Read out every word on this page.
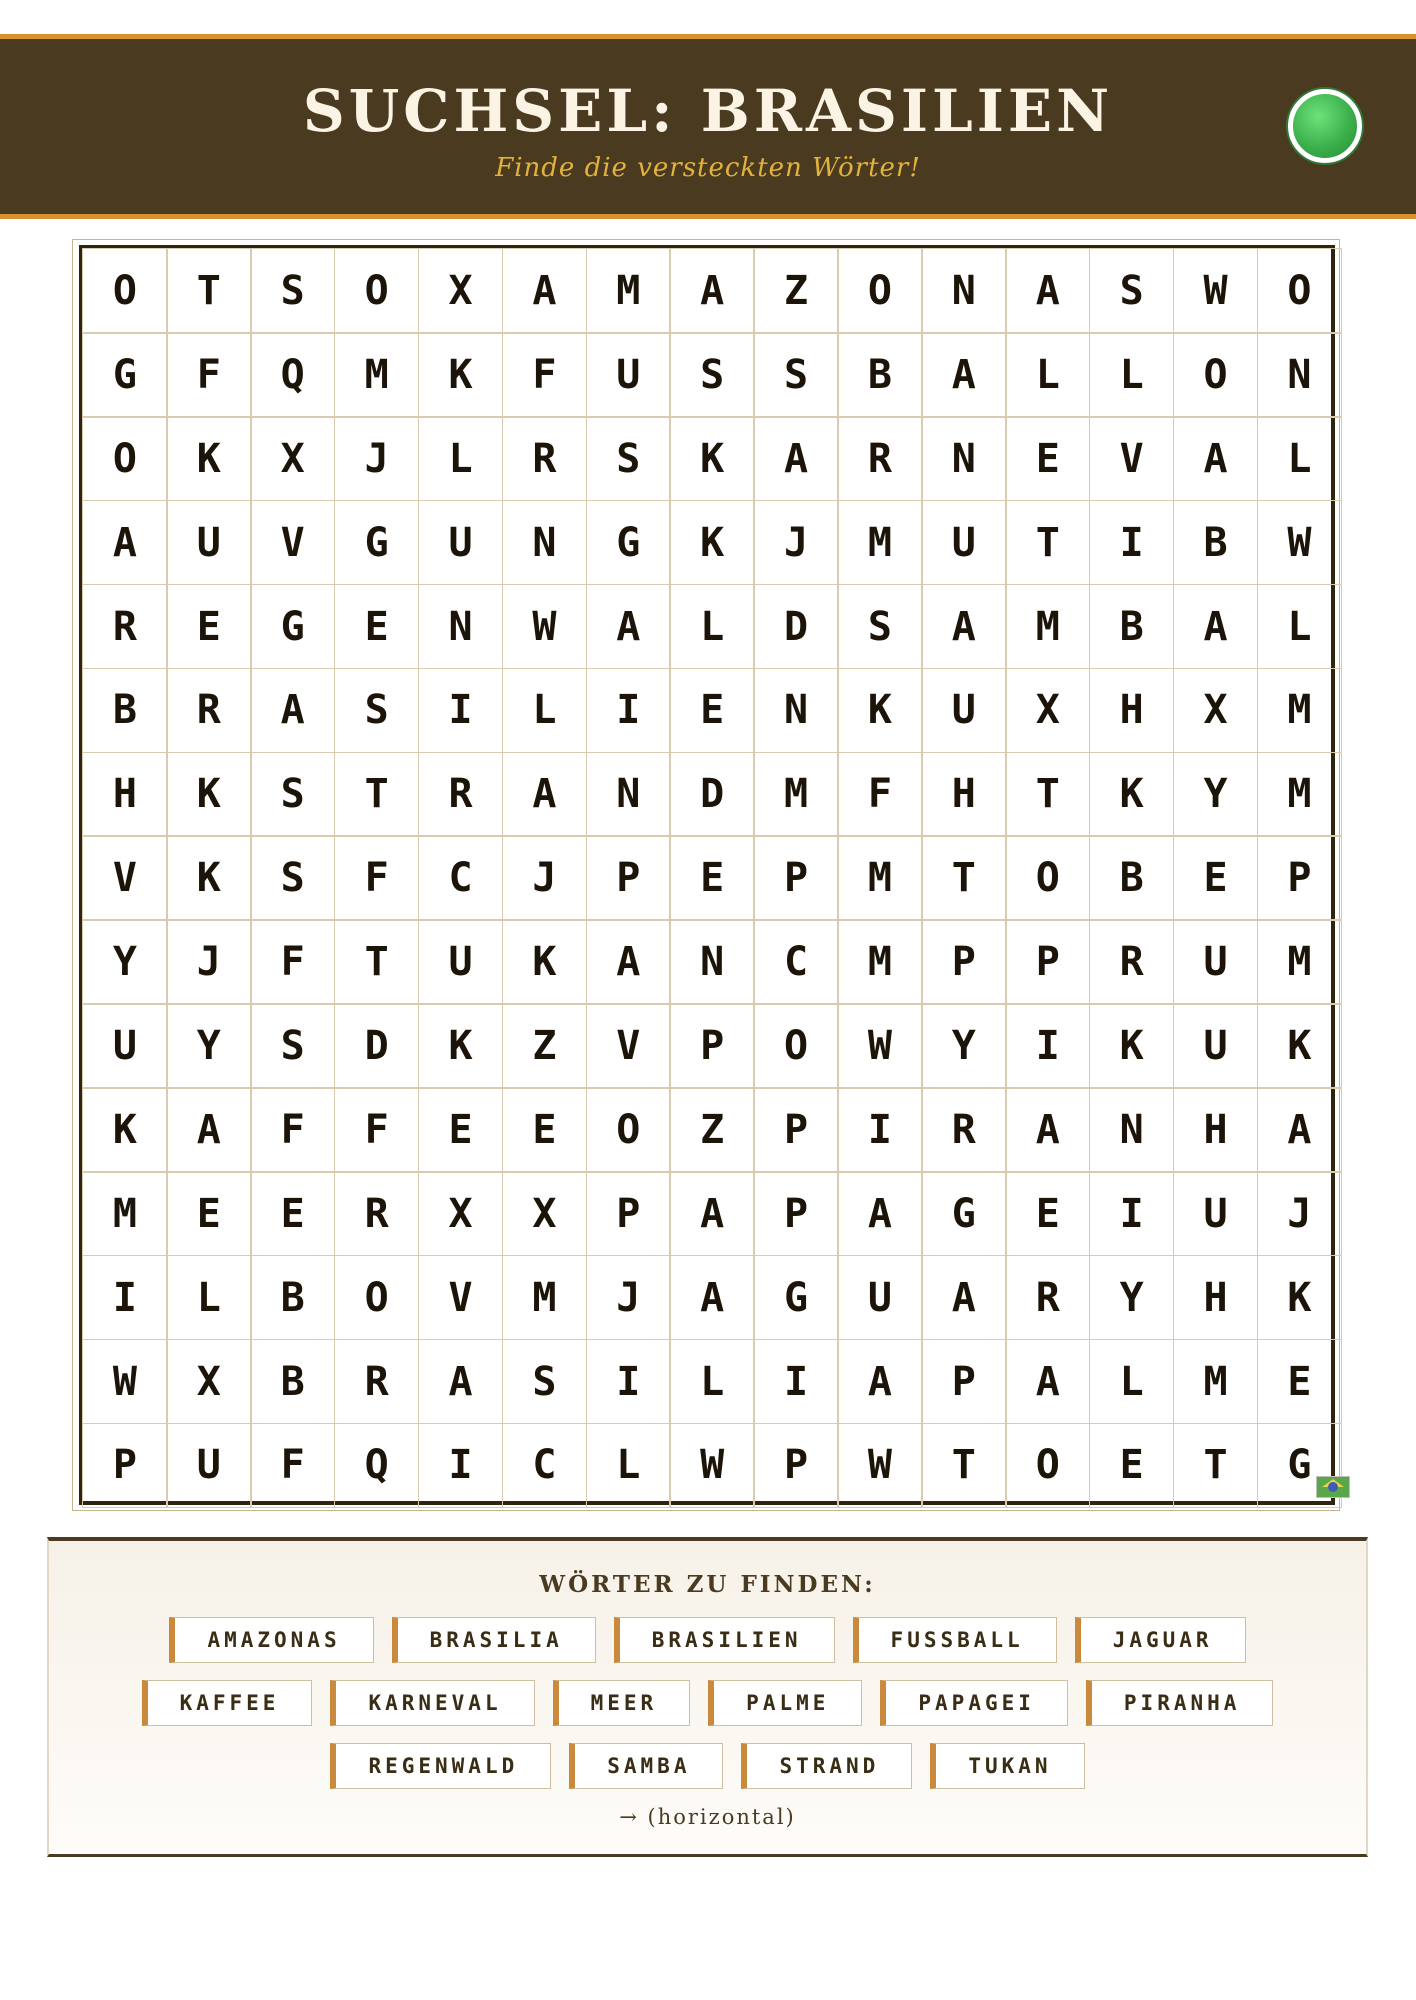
SUCHSEL: BRASILIEN
Finde die versteckten Wörter!
O	T	S	O	X	A	M	A	Z	O	N	A	S	W	O
G	F	Q	M	K	F	U	S	S	B	A	L	L	O	N
O	K	X	J	L	R	S	K	A	R	N	E	V	A	L
A	U	V	G	U	N	G	K	J	M	U	T	I	B	W
R	E	G	E	N	W	A	L	D	S	A	M	B	A	L
B	R	A	S	I	L	I	E	N	K	U	X	H	X	M
H	K	S	T	R	A	N	D	M	F	H	T	K	Y	M
V	K	S	F	C	J	P	E	P	M	T	O	B	E	P
Y	J	F	T	U	K	A	N	C	M	P	P	R	U	M
U	Y	S	D	K	Z	V	P	O	W	Y	I	K	U	K
K	A	F	F	E	E	O	Z	P	I	R	A	N	H	A
M	E	E	R	X	X	P	A	P	A	G	E	I	U	J
I	L	B	O	V	M	J	A	G	U	A	R	Y	H	K
W	X	B	R	A	S	I	L	I	A	P	A	L	M	E
P	U	F	Q	I	C	L	W	P	W	T	O	E	T	G
WÖRTER ZU FINDEN:
AMAZONAS	BRASILIA	BRASILIEN	FUSSBALL	JAGUAR
KAFFEE	KARNEVAL	MEER	PALME	PAPAGEI	PIRANHA
REGENWALD	SAMBA	STRAND	TUKAN
→ (horizontal)
